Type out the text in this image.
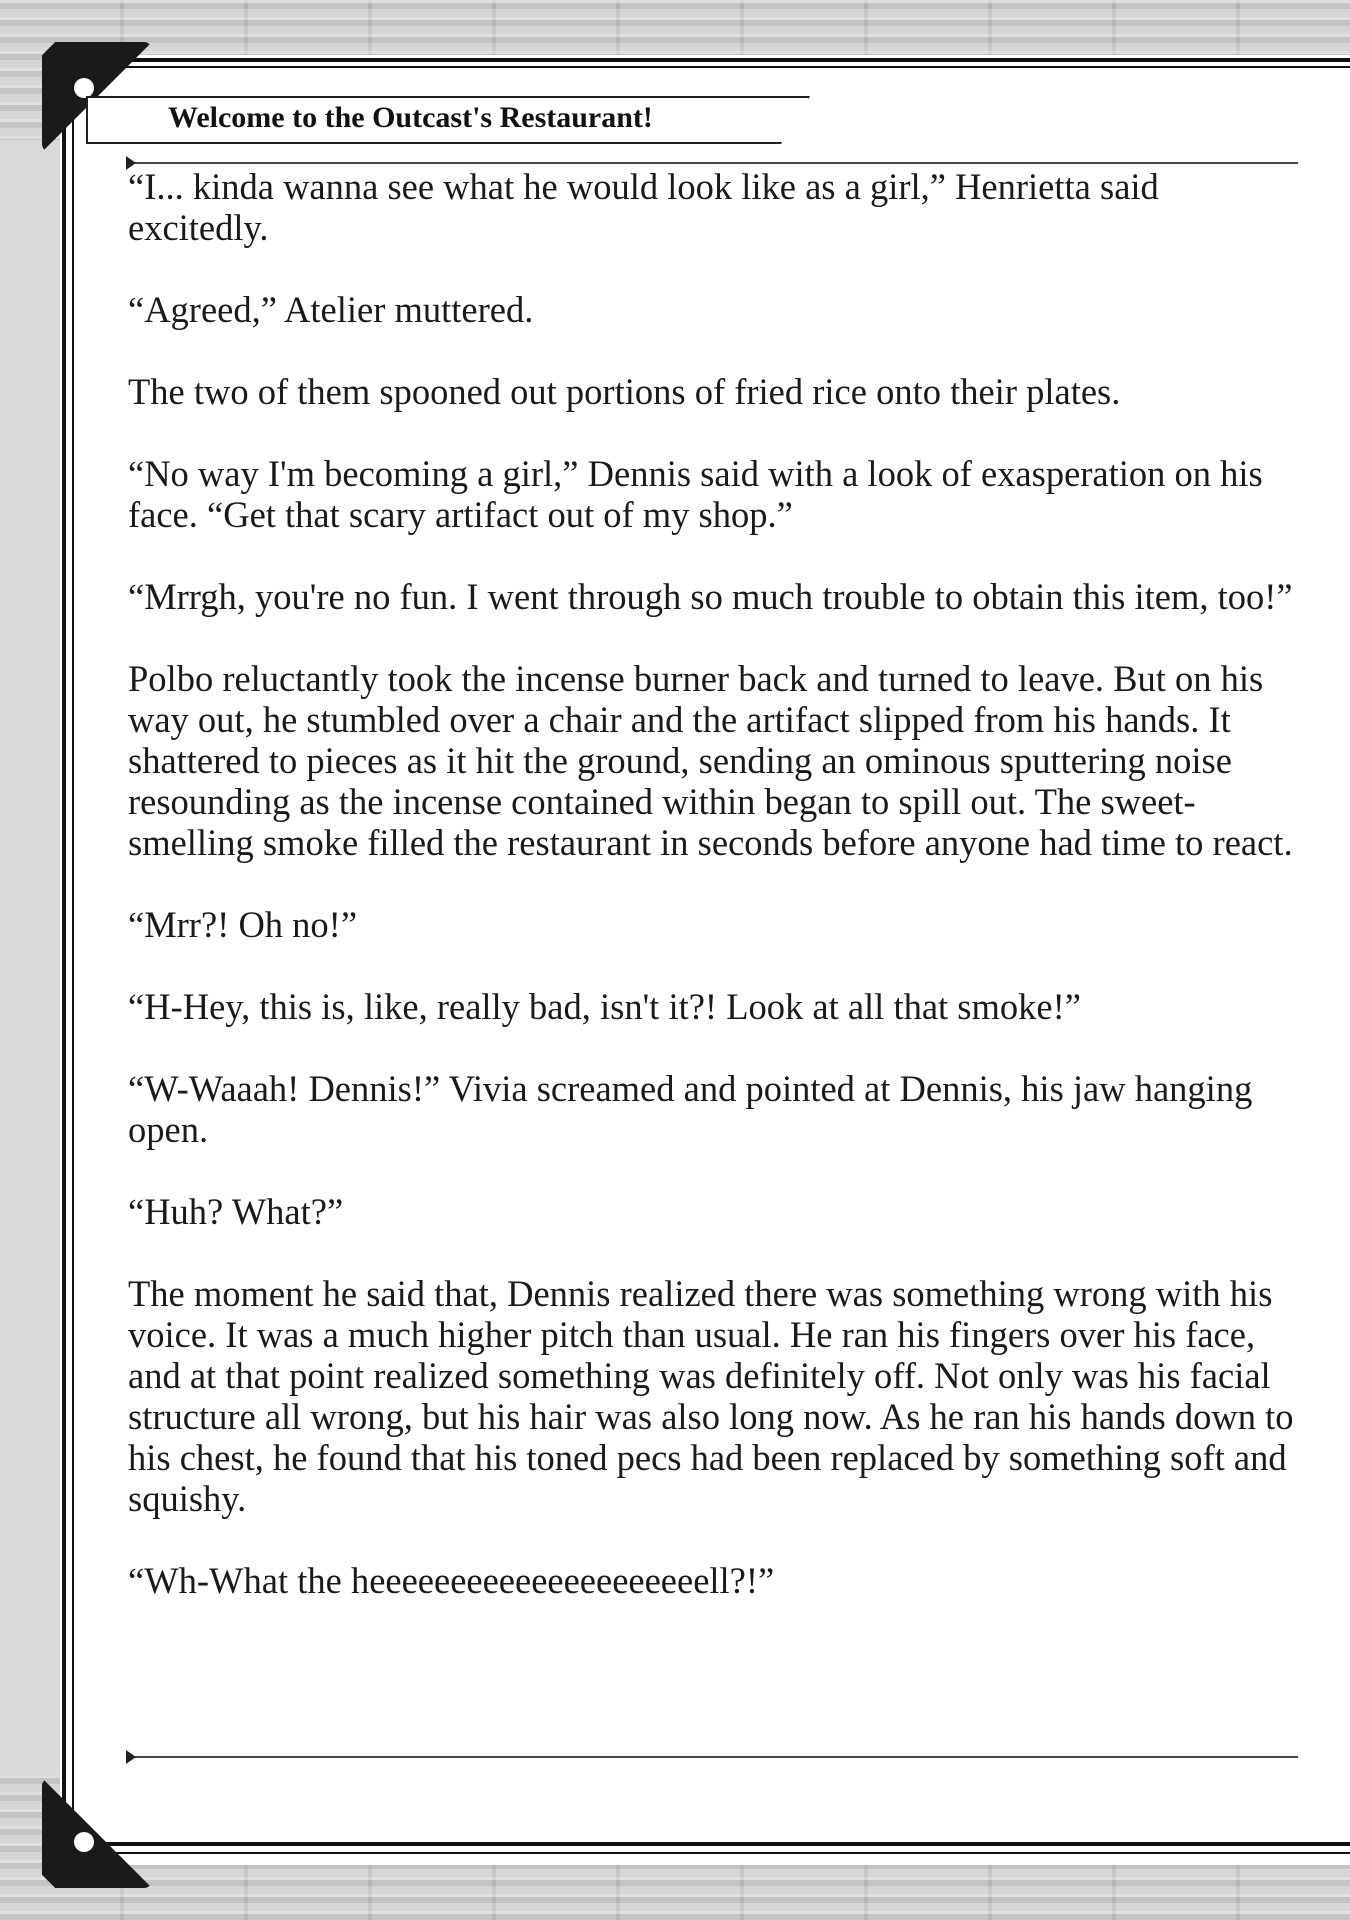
Welcome to the Outcast's Restaurant!

“I... kinda wanna see what he would look like as a girl,” Henrietta said excitedly.

“Agreed,” Atelier muttered.

The two of them spooned out portions of fried rice onto their plates.

“No way I'm becoming a girl,” Dennis said with a look of exasperation on his face. “Get that scary artifact out of my shop.”

“Mrrgh, you're no fun. I went through so much trouble to obtain this item, too!”

Polbo reluctantly took the incense burner back and turned to leave. But on his way out, he stumbled over a chair and the artifact slipped from his hands. It shattered to pieces as it hit the ground, sending an ominous sputtering noise resounding as the incense contained within began to spill out. The sweet-smelling smoke filled the restaurant in seconds before anyone had time to react.

“Mrr?! Oh no!”

“H-Hey, this is, like, really bad, isn't it?! Look at all that smoke!”

“W-Waaah! Dennis!” Vivia screamed and pointed at Dennis, his jaw hanging open.

“Huh? What?”

The moment he said that, Dennis realized there was something wrong with his voice. It was a much higher pitch than usual. He ran his fingers over his face, and at that point realized something was definitely off. Not only was his facial structure all wrong, but his hair was also long now. As he ran his hands down to his chest, he found that his toned pecs had been replaced by something soft and squishy.

“Wh-What the heeeeeeeeeeeeeeeeeeeeell?!”
